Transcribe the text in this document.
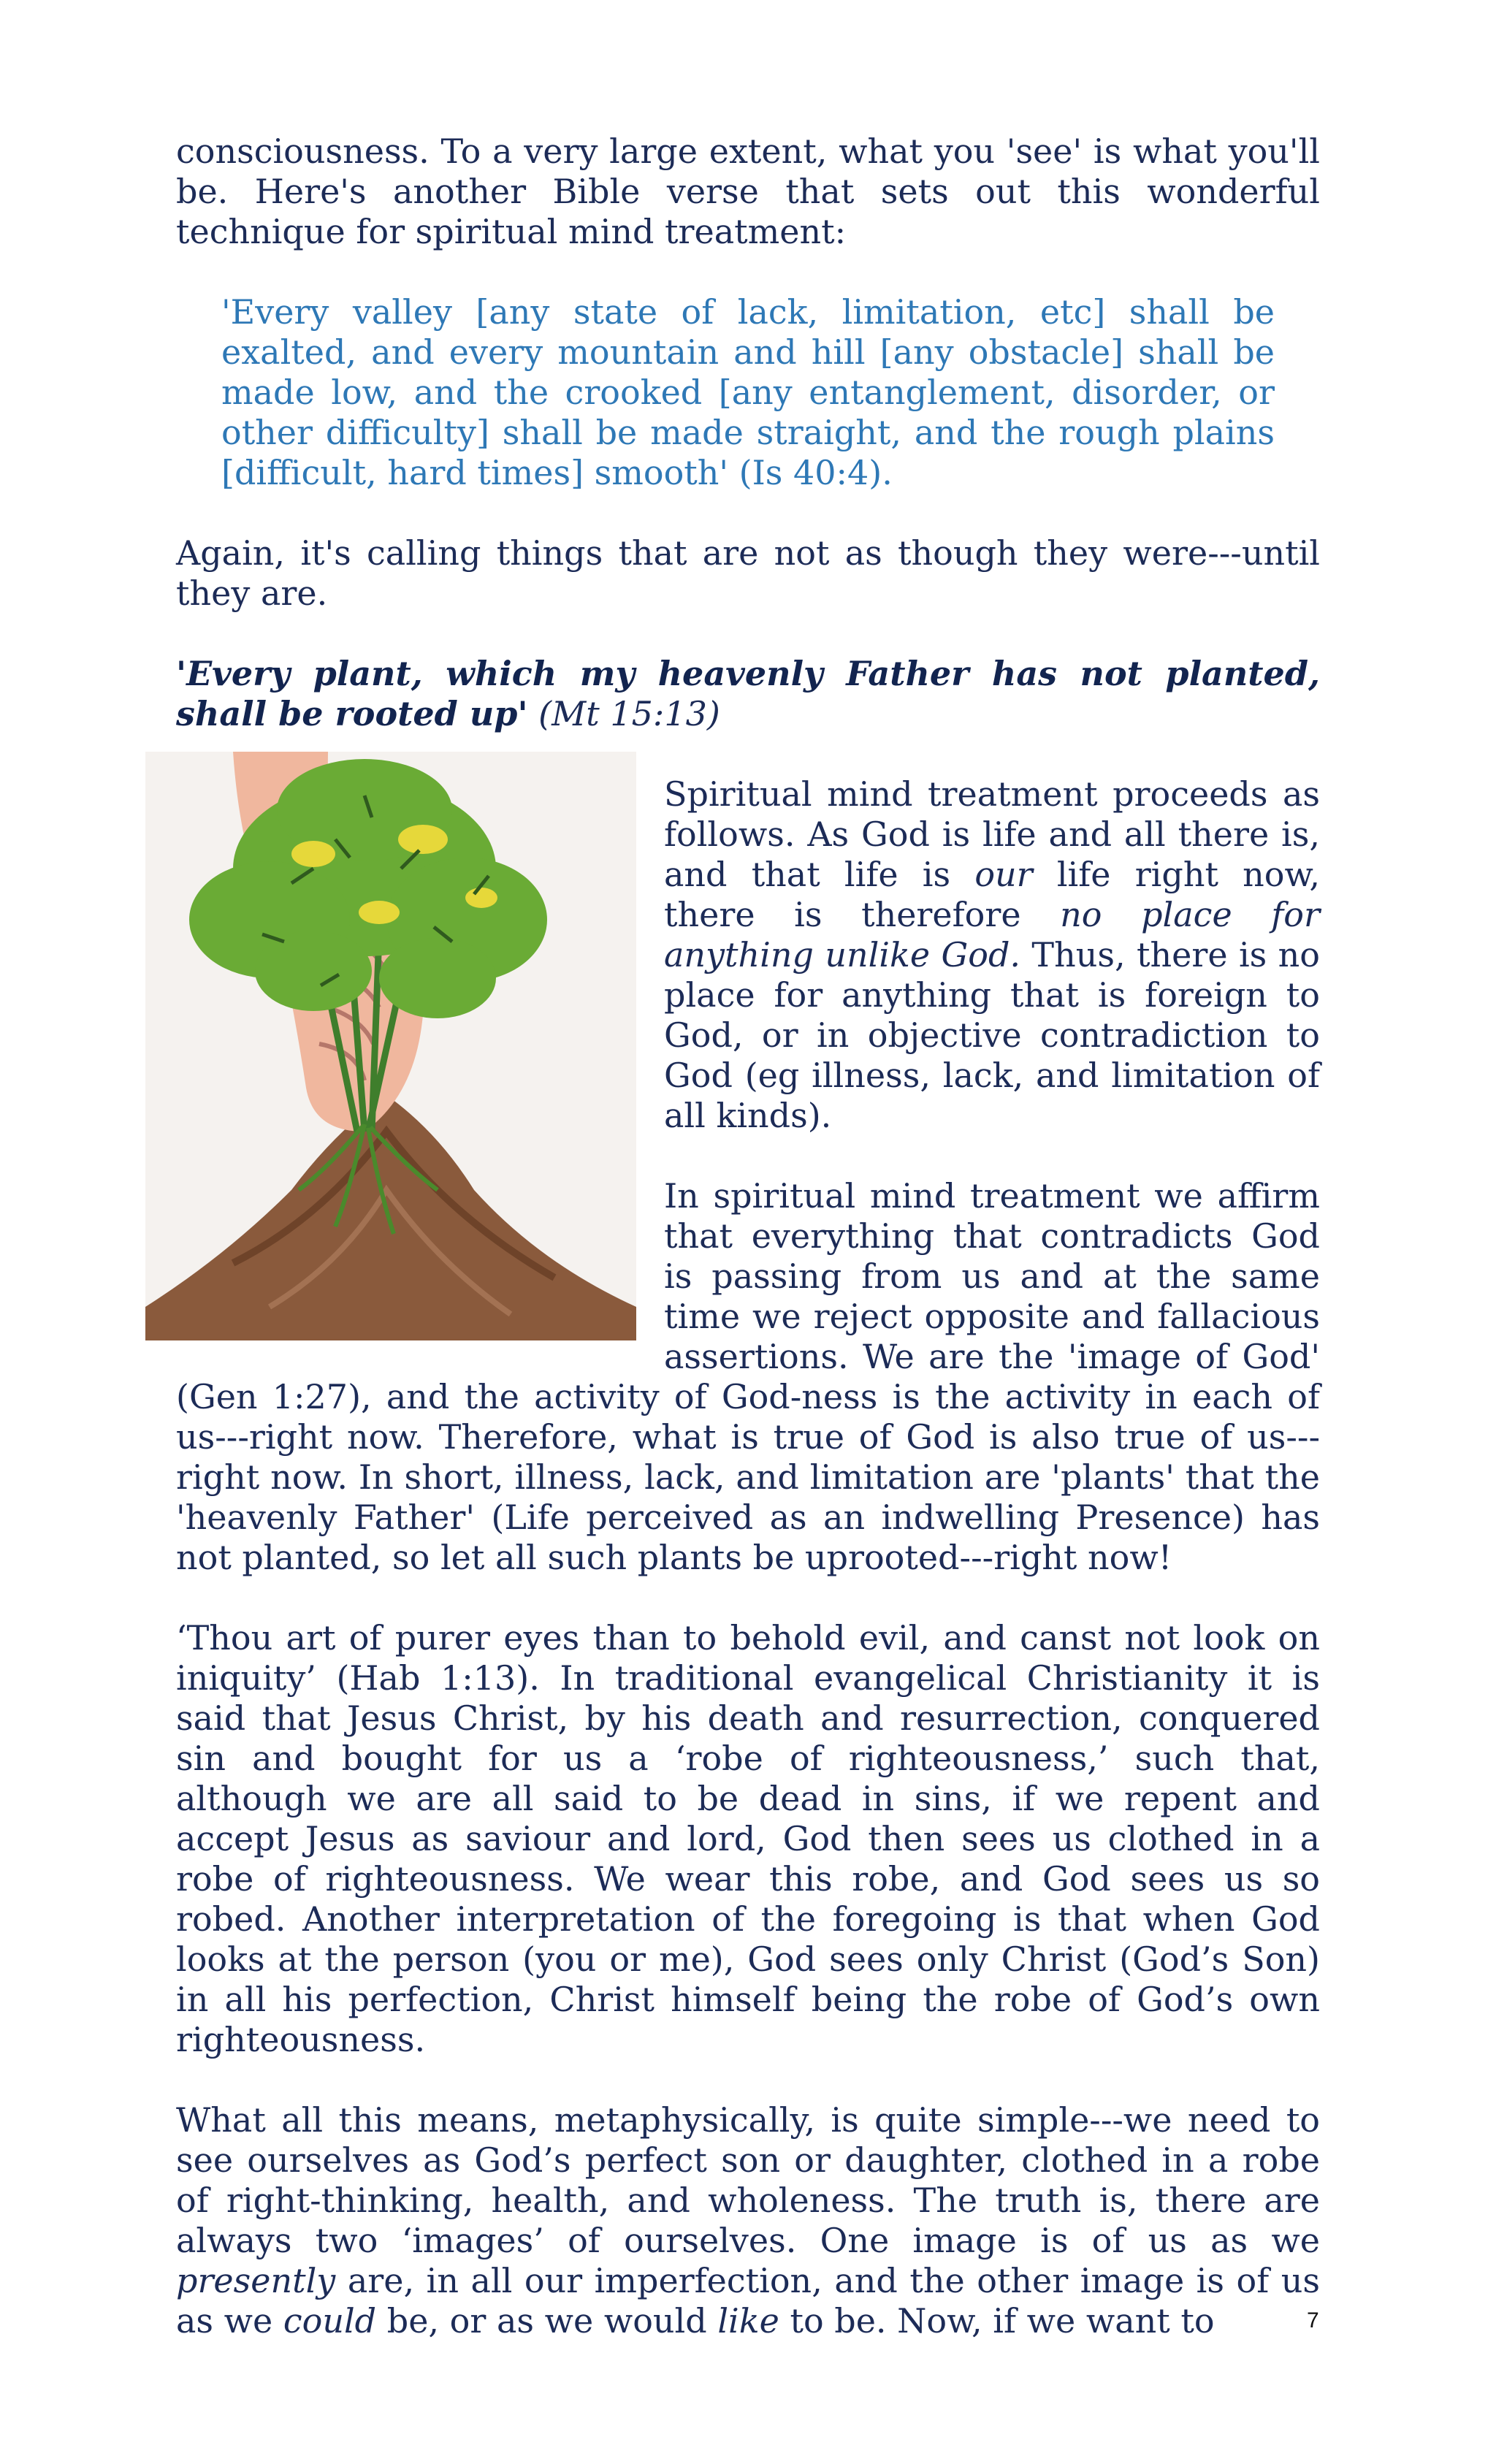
consciousness. To a very large extent, what you 'see' is what you'll be. Here's another Bible verse that sets out this wonderful technique for spiritual mind treatment:

'Every valley [any state of lack, limitation, etc] shall be exalted, and every mountain and hill [any obstacle] shall be made low, and the crooked [any entanglement, disorder, or other difficulty] shall be made straight, and the rough plains [difficult, hard times] smooth' (Is 40:4).

Again, it's calling things that are not as though they were---until they are.

'Every plant, which my heavenly Father has not planted, shall be rooted up' (Mt 15:13)

Spiritual mind treatment proceeds as follows. As God is life and all there is, and that life is our life right now, there is therefore no place for anything unlike God. Thus, there is no place for anything that is foreign to God, or in objective contradiction to God (eg illness, lack, and limitation of all kinds).

In spiritual mind treatment we affirm that everything that contradicts God is passing from us and at the same time we reject opposite and fallacious assertions. We are the 'image of God' (Gen 1:27), and the activity of God-ness is the activity in each of us---right now. Therefore, what is true of God is also true of us---right now. In short, illness, lack, and limitation are 'plants' that the 'heavenly Father' (Life perceived as an indwelling Presence) has not planted, so let all such plants be uprooted---right now!

‘Thou art of purer eyes than to behold evil, and canst not look on iniquity’ (Hab 1:13). In traditional evangelical Christianity it is said that Jesus Christ, by his death and resurrection, conquered sin and bought for us a ‘robe of righteousness,’ such that, although we are all said to be dead in sins, if we repent and accept Jesus as saviour and lord, God then sees us clothed in a robe of righteousness. We wear this robe, and God sees us so robed. Another interpretation of the foregoing is that when God looks at the person (you or me), God sees only Christ (God’s Son) in all his perfection, Christ himself being the robe of God’s own righteousness.

What all this means, metaphysically, is quite simple---we need to see ourselves as God’s perfect son or daughter, clothed in a robe of right-thinking, health, and wholeness. The truth is, there are always two ‘images’ of ourselves. One image is of us as we presently are, in all our imperfection, and the other image is of us as we could be, or as we would like to be. Now, if we want to	7
